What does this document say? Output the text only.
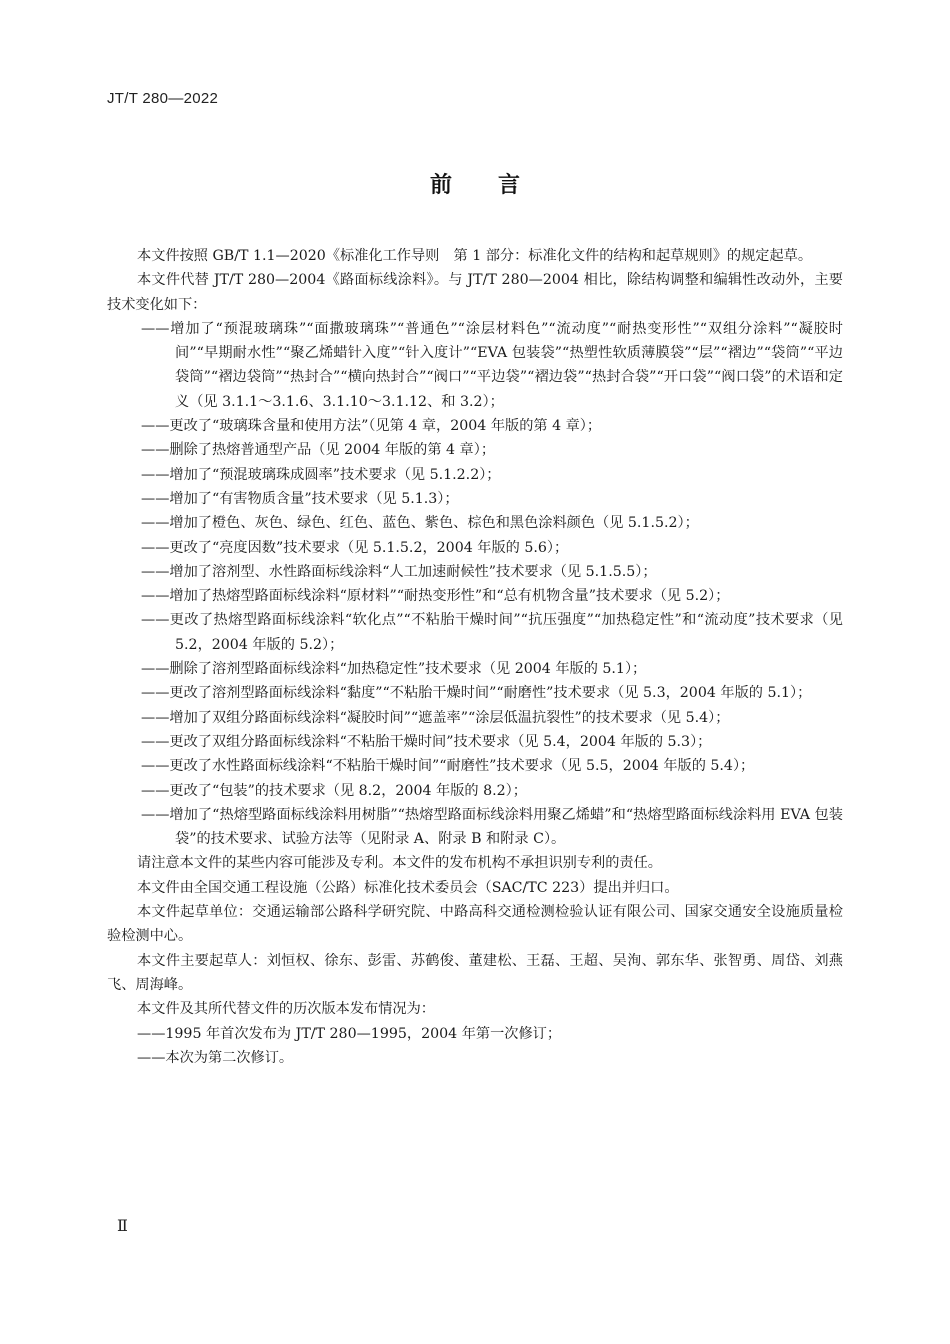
JT/T 280—2022
前言

本文件按照 GB/T 1.1—2020《标准化工作导则　第 1 部分：标准化文件的结构和起草规则》的规定起草。

本文件代替 JT/T 280—2004《路面标线涂料》。与 JT/T 280—2004 相比，除结构调整和编辑性改动外，主要技术变化如下：

——增加了“预混玻璃珠”“面撒玻璃珠”“普通色”“涂层材料色”“流动度”“耐热变形性”“双组分涂料”“凝胶时间”“早期耐水性”“聚乙烯蜡针入度”“针入度计”“EVA 包装袋”“热塑性软质薄膜袋”“层”“褶边”“袋筒”“平边袋筒”“褶边袋筒”“热封合”“横向热封合”“阀口”“平边袋”“褶边袋”“热封合袋”“开口袋”“阀口袋”的术语和定义（见 3.1.1～3.1.6、3.1.10～3.1.12、和 3.2）；

——更改了“玻璃珠含量和使用方法”（见第 4 章，2004 年版的第 4 章）；

——删除了热熔普通型产品（见 2004 年版的第 4 章）；

——增加了“预混玻璃珠成圆率”技术要求（见 5.1.2.2）；

——增加了“有害物质含量”技术要求（见 5.1.3）；

——增加了橙色、灰色、绿色、红色、蓝色、紫色、棕色和黑色涂料颜色（见 5.1.5.2）；

——更改了“亮度因数”技术要求（见 5.1.5.2，2004 年版的 5.6）；

——增加了溶剂型、水性路面标线涂料“人工加速耐候性”技术要求（见 5.1.5.5）；

——增加了热熔型路面标线涂料“原材料”“耐热变形性”和“总有机物含量”技术要求（见 5.2）；

——更改了热熔型路面标线涂料“软化点”“不粘胎干燥时间”“抗压强度”“加热稳定性”和“流动度”技术要求（见 5.2，2004 年版的 5.2）；

——删除了溶剂型路面标线涂料“加热稳定性”技术要求（见 2004 年版的 5.1）；

——更改了溶剂型路面标线涂料“黏度”“不粘胎干燥时间”“耐磨性”技术要求（见 5.3，2004 年版的 5.1）；

——增加了双组分路面标线涂料“凝胶时间”“遮盖率”“涂层低温抗裂性”的技术要求（见 5.4）；

——更改了双组分路面标线涂料“不粘胎干燥时间”技术要求（见 5.4，2004 年版的 5.3）；

——更改了水性路面标线涂料“不粘胎干燥时间”“耐磨性”技术要求（见 5.5，2004 年版的 5.4）；

——更改了“包装”的技术要求（见 8.2，2004 年版的 8.2）；

——增加了“热熔型路面标线涂料用树脂”“热熔型路面标线涂料用聚乙烯蜡”和“热熔型路面标线涂料用 EVA 包装袋”的技术要求、试验方法等（见附录 A、附录 B 和附录 C）。

请注意本文件的某些内容可能涉及专利。本文件的发布机构不承担识别专利的责任。

本文件由全国交通工程设施（公路）标准化技术委员会（SAC/TC 223）提出并归口。

本文件起草单位：交通运输部公路科学研究院、中路高科交通检测检验认证有限公司、国家交通安全设施质量检验检测中心。

本文件主要起草人：刘恒权、徐东、彭雷、苏鹤俊、董建松、王磊、王超、吴洵、郭东华、张智勇、周岱、刘燕飞、周海峰。

本文件及其所代替文件的历次版本发布情况为：

——1995 年首次发布为 JT/T 280—1995，2004 年第一次修订；

——本次为第二次修订。

Ⅱ
